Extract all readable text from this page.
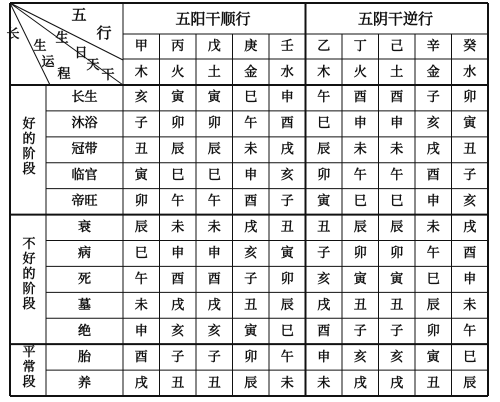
五
行
长
生
生
日
运 天
程 干
五阳干顺行	五阴干逆行
甲	丙	戊	庚	壬	乙	丁	己	辛	癸
木	火	土	金	水	木	火	土	金	水
好
的
阶
段
不
好
的
阶
段
平
常
段
长生	亥	寅	寅	巳	申	午	酉	酉	子	卯
沐浴	子	卯	卯	午	酉	巳	申	申	亥	寅
冠带	丑	辰	辰	未	戌	辰	未	未	戌	丑
临官	寅	巳	巳	申	亥	卯	午	午	酉	子
帝旺	卯	午	午	酉	子	寅	巳	巳	申	亥
衰	辰	未	未	戌	丑	丑	辰	辰	未	戌
病	巳	申	申	亥	寅	子	卯	卯	午	酉
死	午	酉	酉	子	卯	亥	寅	寅	巳	申
墓	未	戌	戌	丑	辰	戌	丑	丑	辰	未
绝	申	亥	亥	寅	巳	酉	子	子	卯	午
胎	酉	子	子	卯	午	申	亥	亥	寅	巳
养	戌	丑	丑	辰	未	未	戌	戌	丑	辰
